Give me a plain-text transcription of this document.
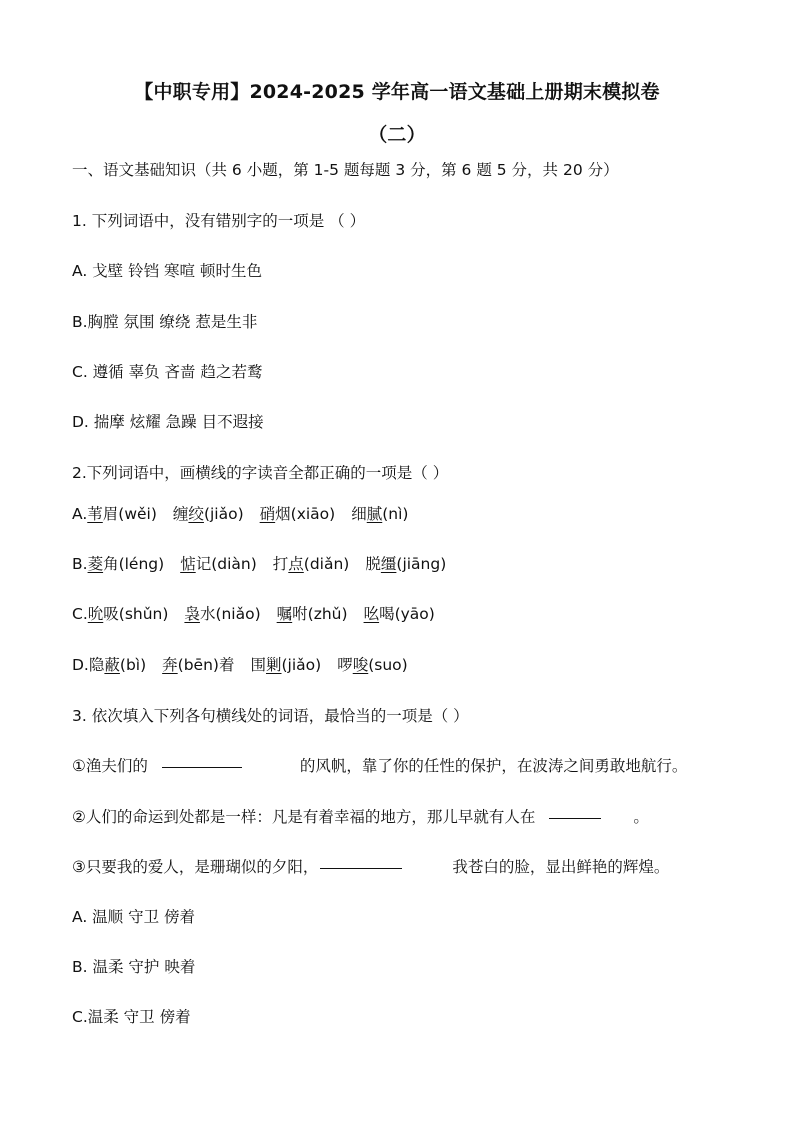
【中职专用】2024-2025 学年高一语文基础上册期末模拟卷
（二）
一、语文基础知识（共 6 小题，第 1-5 题每题 3 分，第 6 题 5 分，共 20 分）
1. 下列词语中，没有错别字的一项是 （ ）
A. 戈壁 铃铛 寒喧 顿时生色
B.胸膛 氛围 缭绕 惹是生非
C. 遵循 辜负 吝啬 趋之若鹜
D. 揣摩 炫耀 急躁 目不遐接
2.下列词语中，画横线的字读音全都正确的一项是（ ）
A.苇眉(wěi) 缠绞(jiǎo) 硝烟(xiāo) 细腻(nì)
B.菱角(léng) 惦记(diàn) 打点(diǎn) 脱缰(jiāng)
C.吮吸(shǔn) 袅水(niǎo) 嘱咐(zhǔ) 吆喝(yāo)
D.隐蔽(bì) 奔(bēn)着 围剿(jiǎo) 啰唆(suo)
3. 依次填入下列各句横线处的词语，最恰当的一项是（ ）
①渔夫们的	的风帆，靠了你的任性的保护，在波涛之间勇敢地航行。
②人们的命运到处都是一样：凡是有着幸福的地方，那儿早就有人在	。
③只要我的爱人，是珊瑚似的夕阳，	我苍白的脸，显出鲜艳的辉煌。
A. 温顺 守卫 傍着
B. 温柔 守护 映着
C.温柔 守卫 傍着
